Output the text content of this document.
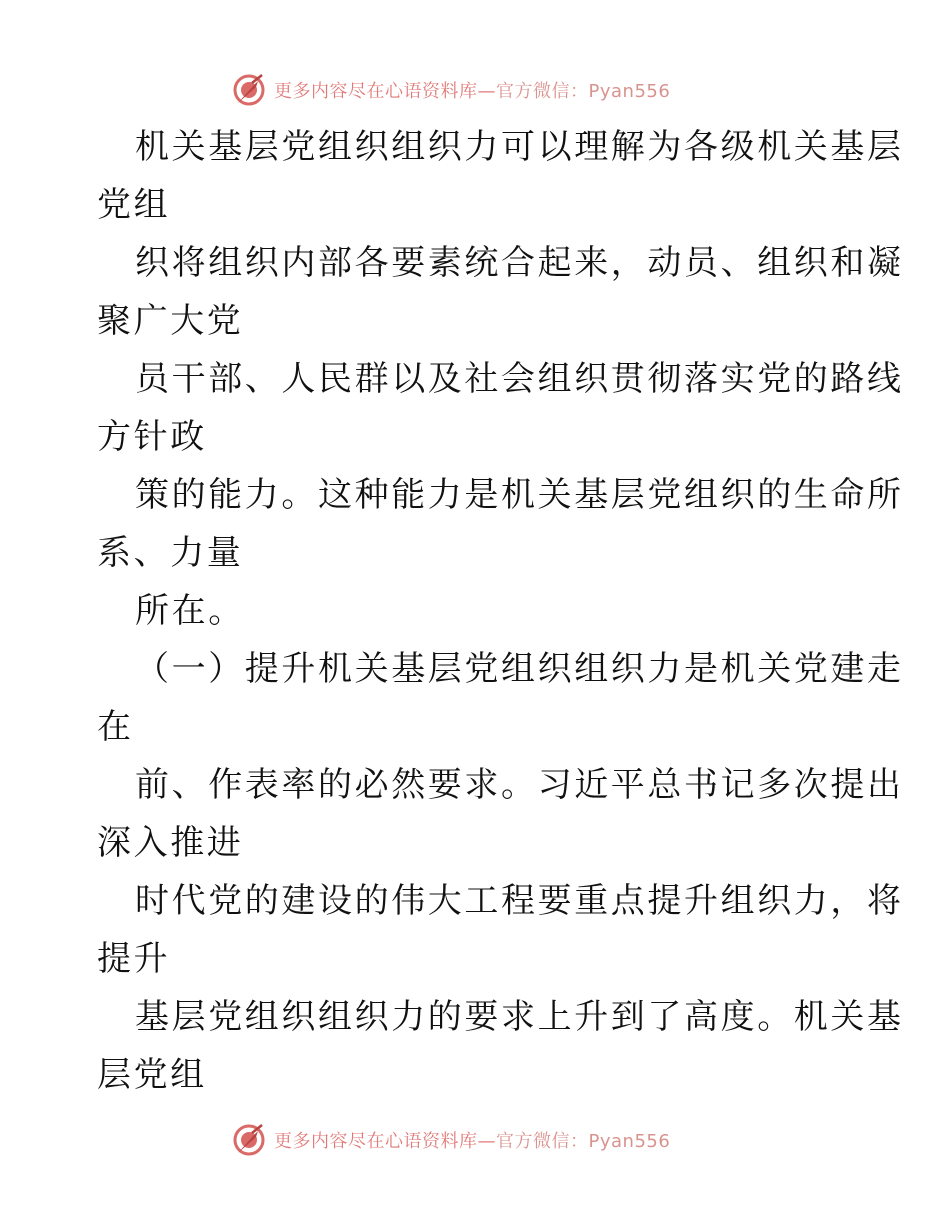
更多内容尽在心语资料库—官方微信：Pyan556
机关基层党组织组织力可以理解为各级机关基层
党组
织将组织内部各要素统合起来，动员、组织和凝
聚广大党
员干部、人民群以及社会组织贯彻落实党的路线
方针政
策的能力。这种能力是机关基层党组织的生命所
系、力量
所在。
（一）提升机关基层党组织组织力是机关党建走
在
前、作表率的必然要求。习近平总书记多次提出
深入推进
时代党的建设的伟大工程要重点提升组织力，将
提升
基层党组织组织力的要求上升到了高度。机关基
层党组
更多内容尽在心语资料库—官方微信：Pyan556
